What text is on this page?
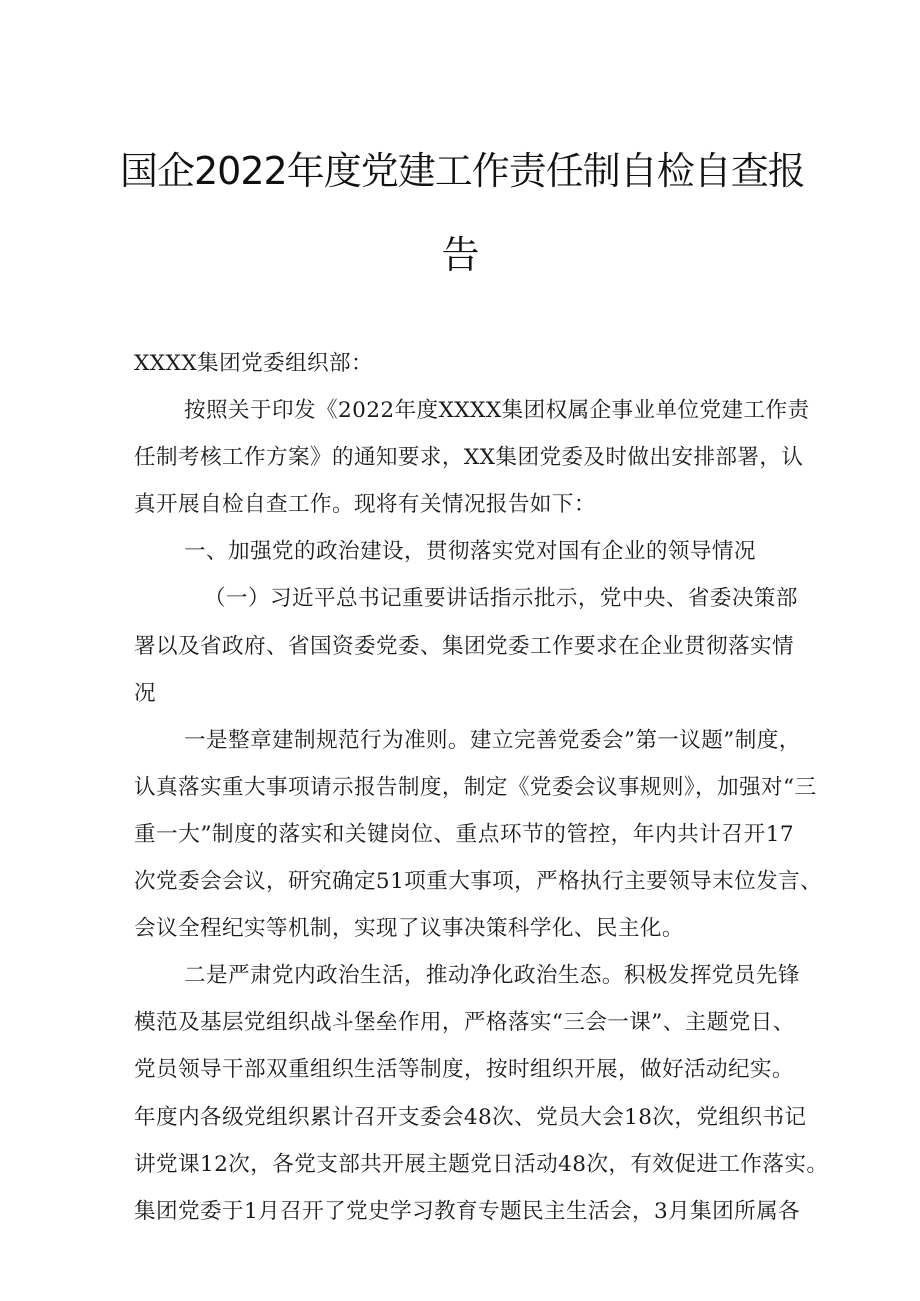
国企2022年度党建工作责任制自检自查报
告
XXXX集团党委组织部：
按照关于印发《2022年度XXXX集团权属企事业单位党建工作责
任制考核工作方案》的通知要求，XX集团党委及时做出安排部署，认
真开展自检自查工作。现将有关情况报告如下：
一、加强党的政治建设，贯彻落实党对国有企业的领导情况
（一）习近平总书记重要讲话指示批示，党中央、省委决策部
署以及省政府、省国资委党委、集团党委工作要求在企业贯彻落实情
况
一是整章建制规范行为准则。建立完善党委会”第一议题”制度，
认真落实重大事项请示报告制度，制定《党委会议事规则》，加强对“三
重一大”制度的落实和关键岗位、重点环节的管控，年内共计召开17
次党委会会议，研究确定51项重大事项，严格执行主要领导末位发言、
会议全程纪实等机制，实现了议事决策科学化、民主化。
二是严肃党内政治生活，推动净化政治生态。积极发挥党员先锋
模范及基层党组织战斗堡垒作用，严格落实“三会一课”、主题党日、
党员领导干部双重组织生活等制度，按时组织开展，做好活动纪实。
年度内各级党组织累计召开支委会48次、党员大会18次，党组织书记
讲党课12次，各党支部共开展主题党日活动48次，有效促进工作落实。
集团党委于1月召开了党史学习教育专题民主生活会，3月集团所属各
